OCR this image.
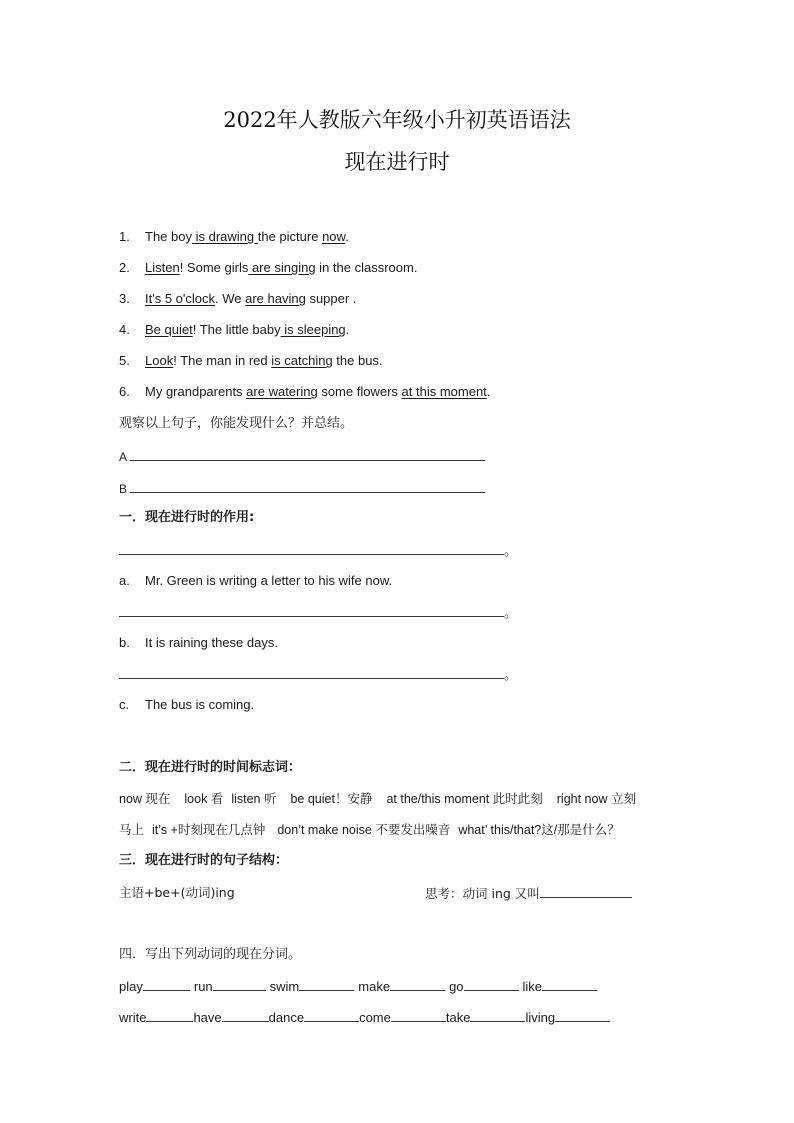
2022年人教版六年级小升初英语语法
现在进行时
1. The boy is drawing the picture now.
2. Listen! Some girls are singing in the classroom.
3. It's 5 o'clock. We are having supper .
4. Be quiet! The little baby is sleeping.
5. Look! The man in red is catching the bus.
6. My grandparents are watering some flowers at this moment.
观察以上句子，你能发现什么？并总结。
A
B
一．现在进行时的作用:
。
a. Mr. Green is writing a letter to his wife now.
。
b. It is raining these days.
。
c. The bus is coming.
二．现在进行时的时间标志词：
now 现在 look 看 listen 听 be quiet！安静 at the/this moment 此时此刻 right now 立刻
马上 it’s +时刻现在几点钟 don’t make noise 不要发出噪音 what’ this/that?这/那是什么？
三．现在进行时的句子结构：
主语+be+(动词)ing	思考：动词 ing 又叫
四．写出下列动词的现在分词。
play	run	swim	make	go	like
write	have	dance	come	take	living
